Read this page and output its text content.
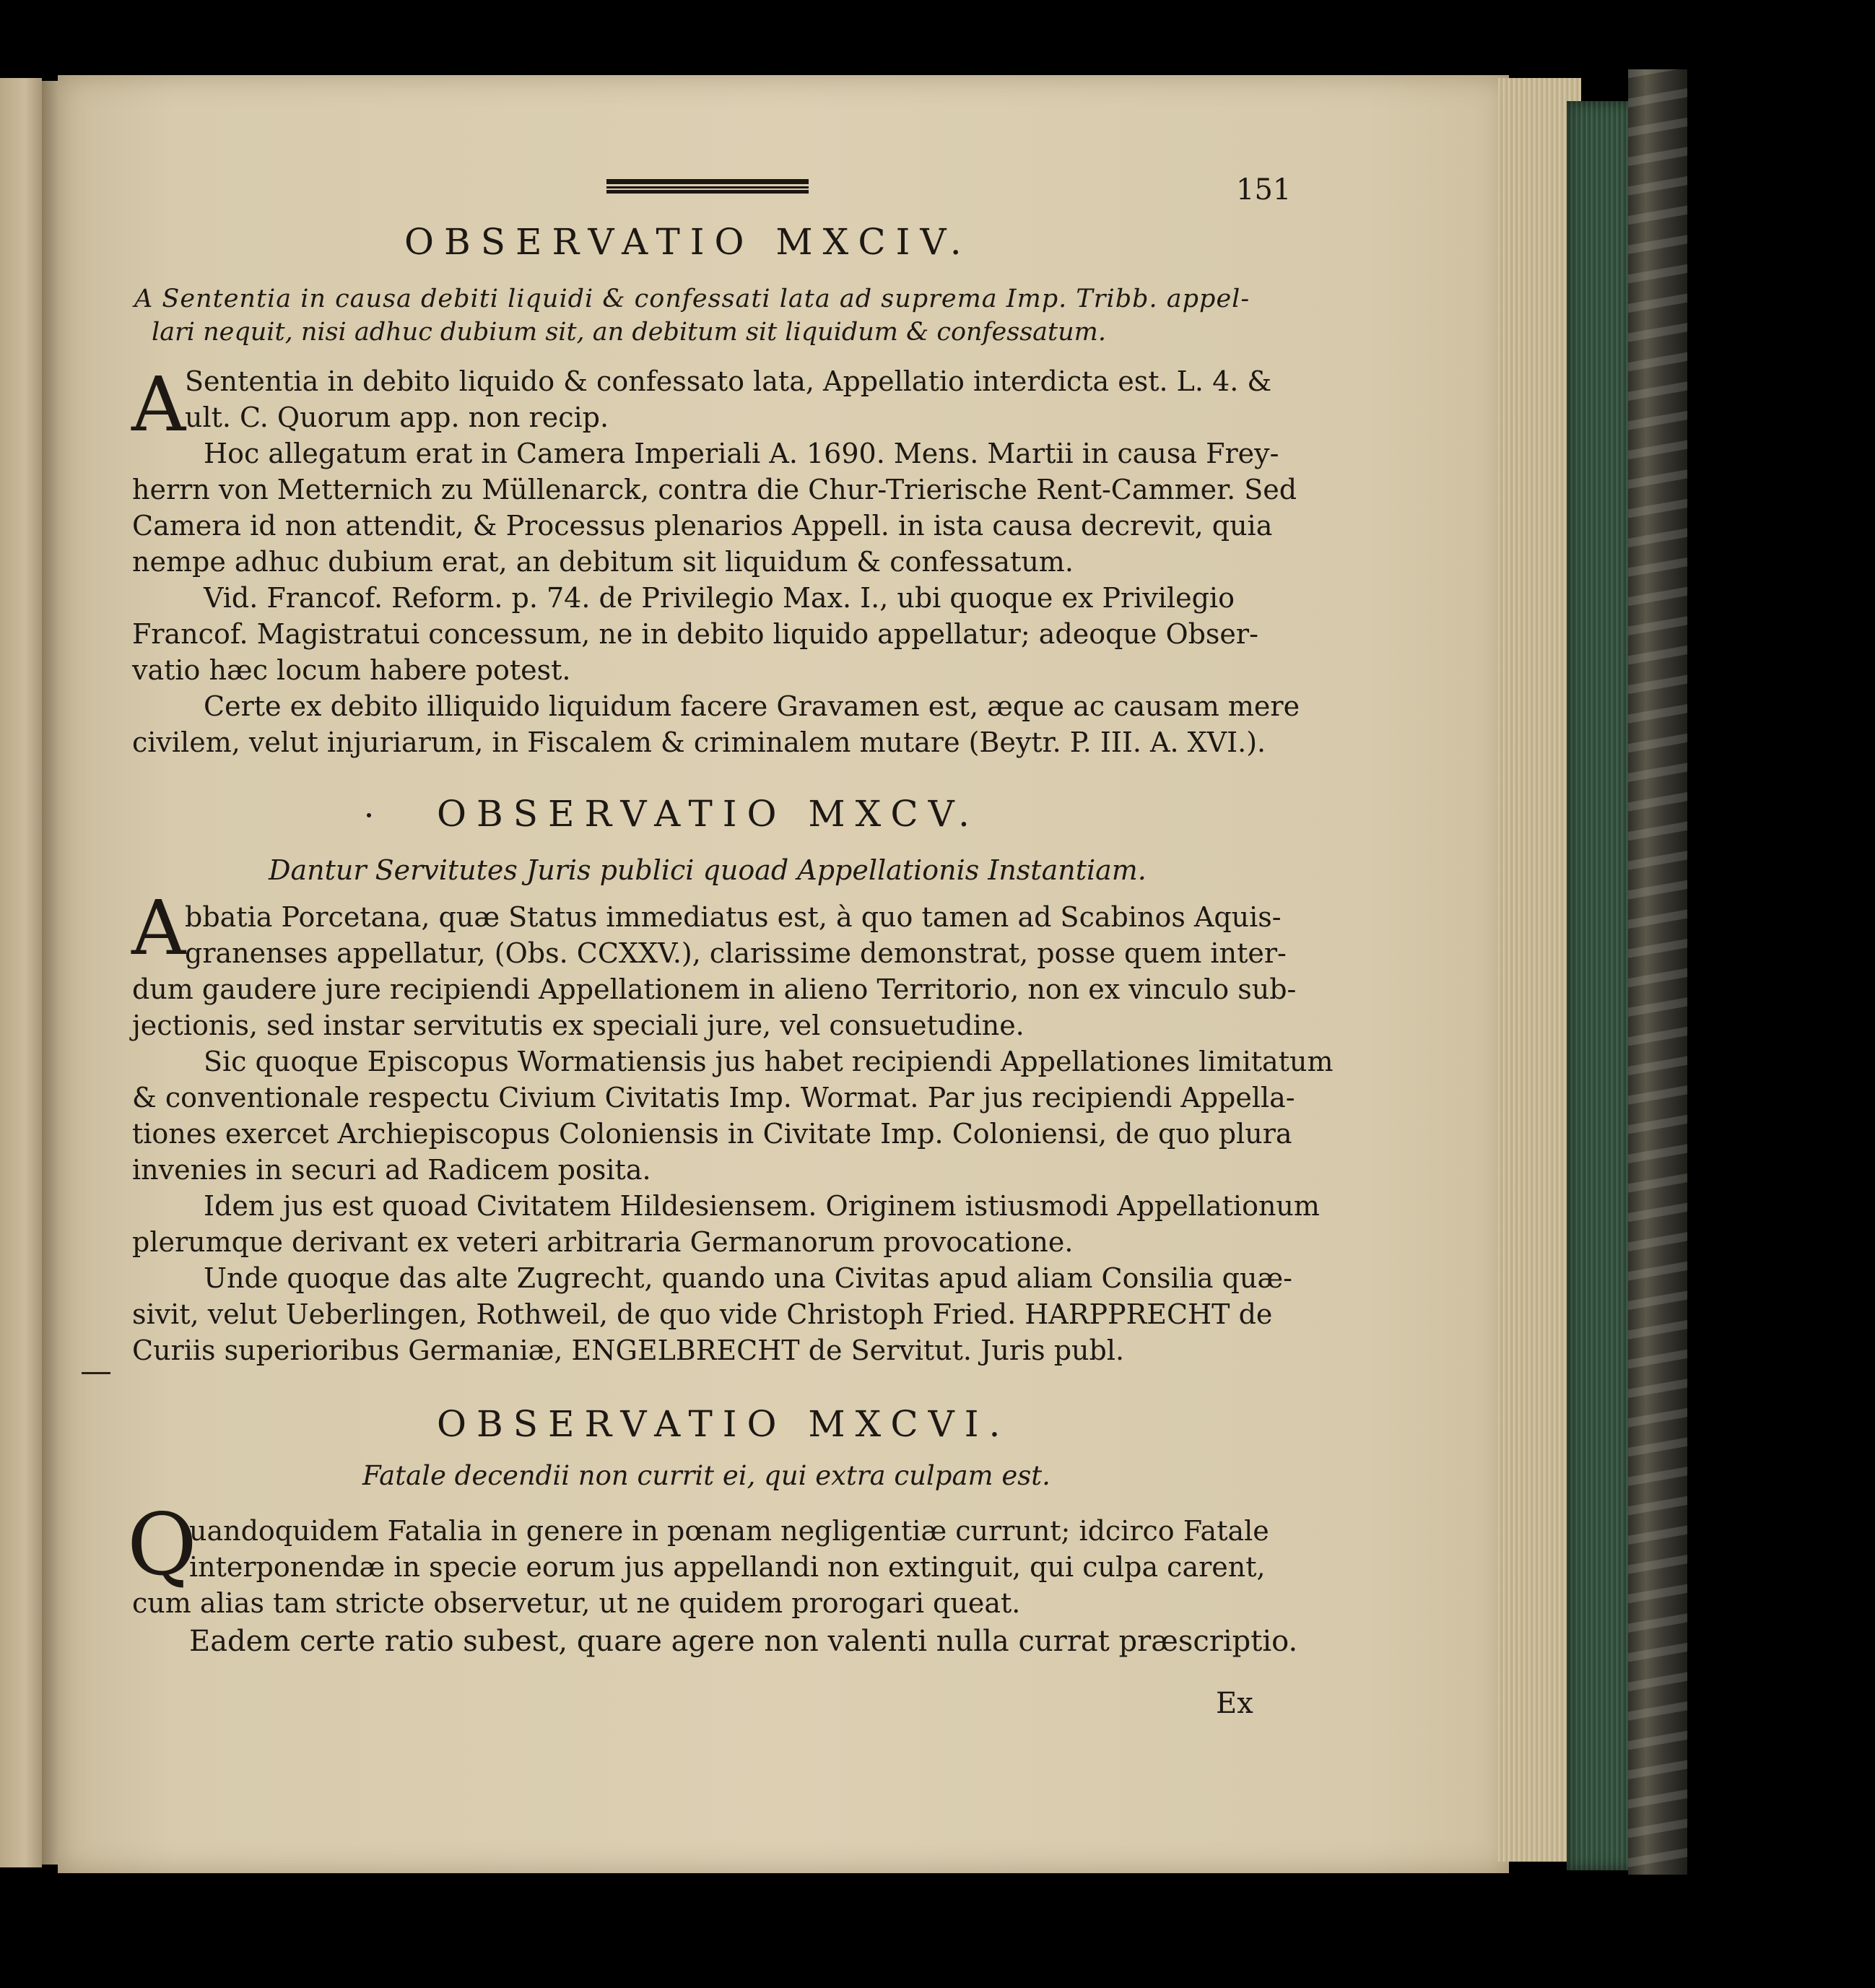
151

OBSERVATIO MXCIV.

A Sententia in causa debiti liquidi & confessati lata ad suprema Imp. Tribb. appel-

lari nequit, nisi adhuc dubium sit, an debitum sit liquidum & confessatum.

A

Sententia in debito liquido & confessato lata, Appellatio interdicta est. L. 4. &

ult. C. Quorum app. non recip.

Hoc allegatum erat in Camera Imperiali A. 1690. Mens. Martii in causa Frey-

herrn von Metternich zu Müllenarck, contra die Chur-Trierische Rent-Cammer. Sed

Camera id non attendit, & Processus plenarios Appell. in ista causa decrevit, quia

nempe adhuc dubium erat, an debitum sit liquidum & confessatum.

Vid. Francof. Reform. p. 74. de Privilegio Max. I., ubi quoque ex Privilegio

Francof. Magistratui concessum, ne in debito liquido appellatur; adeoque Obser-

vatio hæc locum habere potest.

Certe ex debito illiquido liquidum facere Gravamen est, æque ac causam mere

civilem, velut injuriarum, in Fiscalem & criminalem mutare (Beytr. P. III. A. XVI.).

OBSERVATIO MXCV.

Dantur Servitutes Juris publici quoad Appellationis Instantiam.

A

bbatia Porcetana, quæ Status immediatus est, à quo tamen ad Scabinos Aquis-

granenses appellatur, (Obs. CCXXV.), clarissime demonstrat, posse quem inter-

dum gaudere jure recipiendi Appellationem in alieno Territorio, non ex vinculo sub-

jectionis, sed instar servitutis ex speciali jure, vel consuetudine.

Sic quoque Episcopus Wormatiensis jus habet recipiendi Appellationes limitatum

& conventionale respectu Civium Civitatis Imp. Wormat. Par jus recipiendi Appella-

tiones exercet Archiepiscopus Coloniensis in Civitate Imp. Coloniensi, de quo plura

invenies in securi ad Radicem posita.

Idem jus est quoad Civitatem Hildesiensem. Originem istiusmodi Appellationum

plerumque derivant ex veteri arbitraria Germanorum provocatione.

Unde quoque das alte Zugrecht, quando una Civitas apud aliam Consilia quæ-

sivit, velut Ueberlingen, Rothweil, de quo vide Christoph Fried. HARPPRECHT de

Curiis superioribus Germaniæ, ENGELBRECHT de Servitut. Juris publ.

OBSERVATIO MXCVI.

Fatale decendii non currit ei, qui extra culpam est.

Q

uandoquidem Fatalia in genere in pœnam negligentiæ currunt; idcirco Fatale

interponendæ in specie eorum jus appellandi non extinguit, qui culpa carent,

cum alias tam stricte observetur, ut ne quidem prorogari queat.

Eadem certe ratio subest, quare agere non valenti nulla currat præscriptio.

Ex
